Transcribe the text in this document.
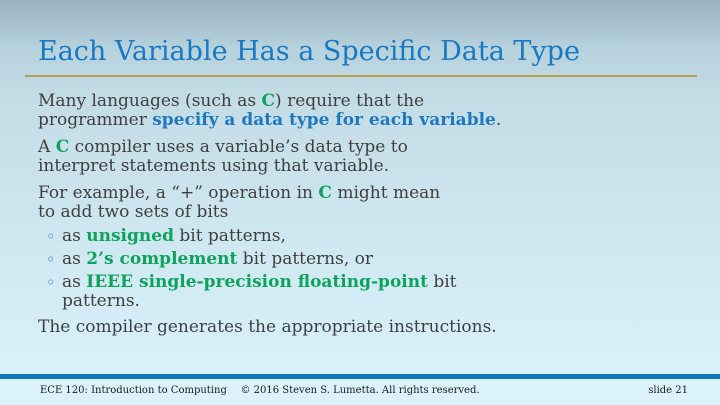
Each Variable Has a Specific Data Type
Many languages (such as C) require that the
programmer specify a data type for each variable.
A C compiler uses a variable’s data type to
interpret statements using that variable.
For example, a “+” operation in C might mean
to add two sets of bits
◦ as unsigned bit patterns,
◦ as 2’s complement bit patterns, or
◦ as IEEE single-precision floating-point bit
patterns.
The compiler generates the appropriate instructions.
ECE 120: Introduction to Computing	© 2016 Steven S. Lumetta. All rights reserved.	slide 21
